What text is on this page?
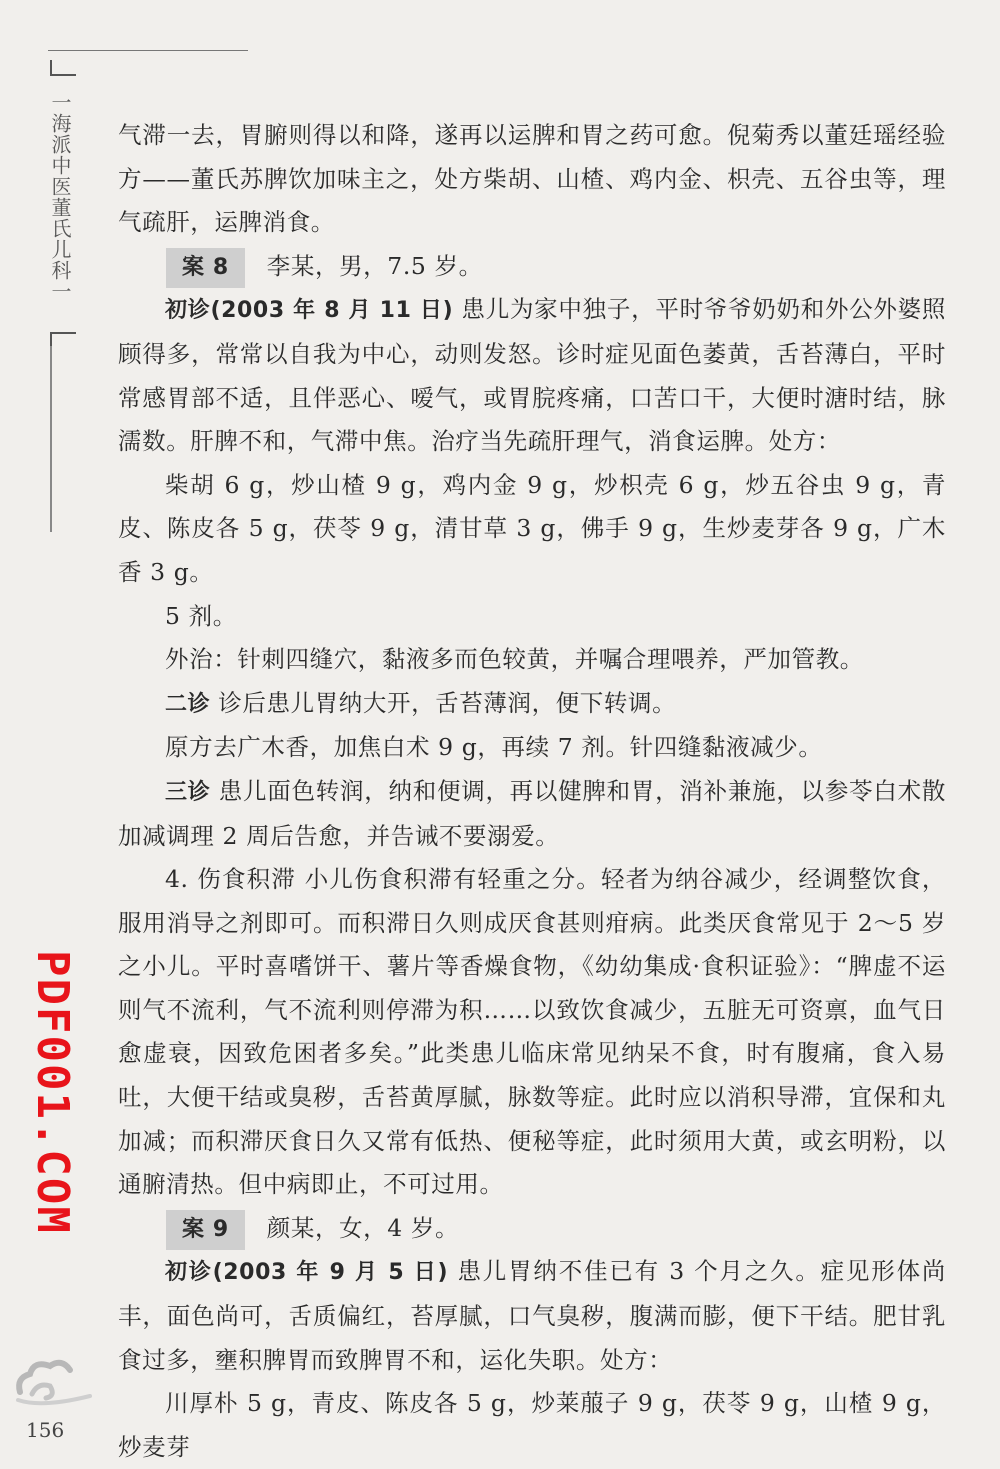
一海派中医董氏儿科一
PDF001.COM
156

气滞一去，胃腑则得以和降，遂再以运脾和胃之药可愈。倪菊秀以董廷瑶经验方——董氏苏脾饮加味主之，处方柴胡、山楂、鸡内金、枳壳、五谷虫等，理气疏肝，运脾消食。

案 8 李某，男，7.5 岁。

初诊(2003 年 8 月 11 日) 患儿为家中独子，平时爷爷奶奶和外公外婆照顾得多，常常以自我为中心，动则发怒。诊时症见面色萎黄，舌苔薄白，平时常感胃部不适，且伴恶心、嗳气，或胃脘疼痛，口苦口干，大便时溏时结，脉濡数。肝脾不和，气滞中焦。治疗当先疏肝理气，消食运脾。处方：

柴胡 6 g，炒山楂 9 g，鸡内金 9 g，炒枳壳 6 g，炒五谷虫 9 g，青皮、陈皮各 5 g，茯苓 9 g，清甘草 3 g，佛手 9 g，生炒麦芽各 9 g，广木香 3 g。

5 剂。

外治：针刺四缝穴，黏液多而色较黄，并嘱合理喂养，严加管教。

二诊 诊后患儿胃纳大开，舌苔薄润，便下转调。

原方去广木香，加焦白术 9 g，再续 7 剂。针四缝黏液减少。

三诊 患儿面色转润，纳和便调，再以健脾和胃，消补兼施，以参苓白术散加减调理 2 周后告愈，并告诫不要溺爱。

4. 伤食积滞 小儿伤食积滞有轻重之分。轻者为纳谷减少，经调整饮食，服用消导之剂即可。而积滞日久则成厌食甚则疳病。此类厌食常见于 2～5 岁之小儿。平时喜嗜饼干、薯片等香燥食物，《幼幼集成·食积证验》：“脾虚不运则气不流利，气不流利则停滞为积……以致饮食减少，五脏无可资禀，血气日愈虚衰，因致危困者多矣。”此类患儿临床常见纳呆不食，时有腹痛，食入易吐，大便干结或臭秽，舌苔黄厚腻，脉数等症。此时应以消积导滞，宜保和丸加减；而积滞厌食日久又常有低热、便秘等症，此时须用大黄，或玄明粉，以通腑清热。但中病即止，不可过用。

案 9 颜某，女，4 岁。

初诊(2003 年 9 月 5 日) 患儿胃纳不佳已有 3 个月之久。症见形体尚丰，面色尚可，舌质偏红，苔厚腻，口气臭秽，腹满而膨，便下干结。肥甘乳食过多，壅积脾胃而致脾胃不和，运化失职。处方：

川厚朴 5 g，青皮、陈皮各 5 g，炒莱菔子 9 g，茯苓 9 g，山楂 9 g，炒麦芽
